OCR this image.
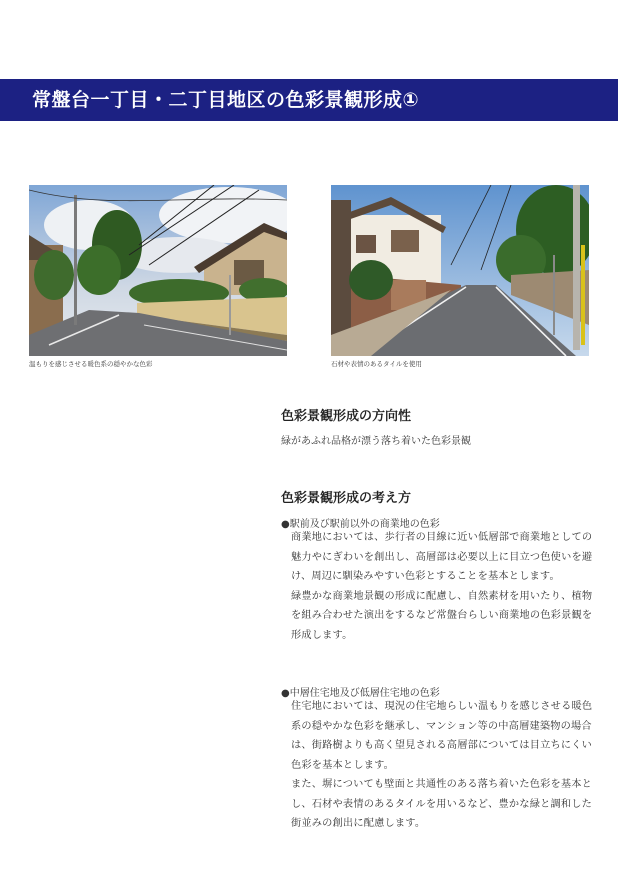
常盤台一丁目・二丁目地区の色彩景観形成①
温もりを感じさせる暖色系の穏やかな色彩	石材や表情のあるタイルを使用
色彩景観形成の方向性
緑があふれ品格が漂う落ち着いた色彩景観
色彩景観形成の考え方
●駅前及び駅前以外の商業地の色彩

商業地においては、歩行者の目線に近い低層部で商業地としての魅力やにぎわいを創出し、高層部は必要以上に目立つ色使いを避け、周辺に馴染みやすい色彩とすることを基本とします。

緑豊かな商業地景観の形成に配慮し、自然素材を用いたり、植物を組み合わせた演出をするなど常盤台らしい商業地の色彩景観を形成します。

●中層住宅地及び低層住宅地の色彩

住宅地においては、現況の住宅地らしい温もりを感じさせる暖色系の穏やかな色彩を継承し、マンション等の中高層建築物の場合は、街路樹よりも高く望見される高層部については目立ちにくい色彩を基本とします。

また、塀についても壁面と共通性のある落ち着いた色彩を基本とし、石材や表情のあるタイルを用いるなど、豊かな緑と調和した街並みの創出に配慮します。
